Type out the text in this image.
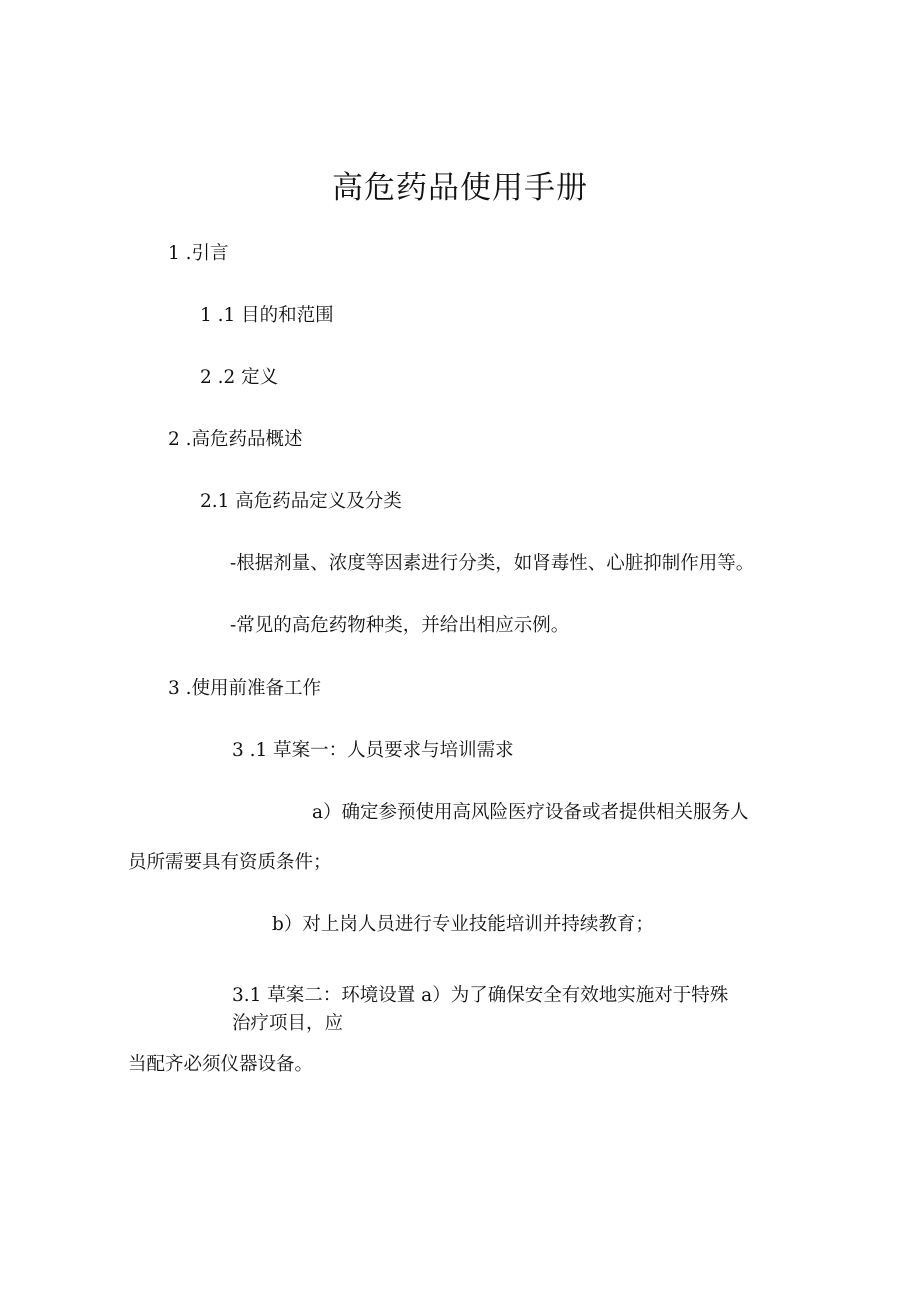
高危药品使用手册

1 .引言

1 .1 目的和范围

2 .2 定义

2 .高危药品概述

2.1 高危药品定义及分类

-根据剂量、浓度等因素进行分类，如肾毒性、心脏抑制作用等。

-常见的高危药物种类，并给出相应示例。

3 .使用前准备工作

3 .1 草案一：人员要求与培训需求

a）确定参预使用高风险医疗设备或者提供相关服务人

员所需要具有资质条件；

b）对上岗人员进行专业技能培训并持续教育；

3.1 草案二：环境设置 a）为了确保安全有效地实施对于特殊

治疗项目，应

当配齐必须仪器设备。
